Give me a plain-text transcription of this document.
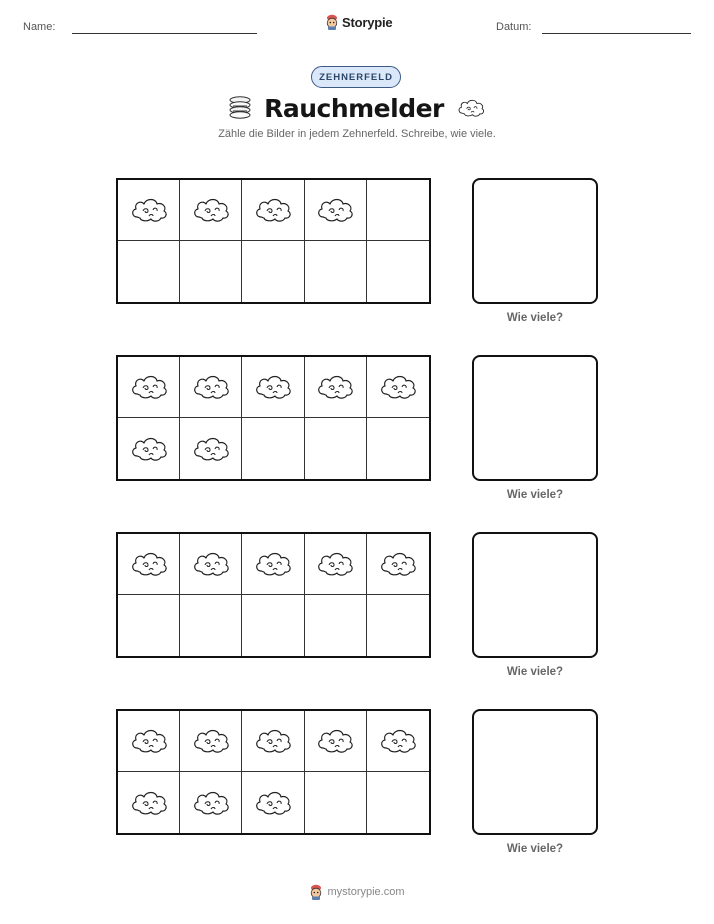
Name:	Storypie	Datum:
ZEHNERFELD
Rauchmelder
Zähle die Bilder in jedem Zehnerfeld. Schreibe, wie viele.
Wie viele?
Wie viele?
Wie viele?
Wie viele?
mystorypie.com
